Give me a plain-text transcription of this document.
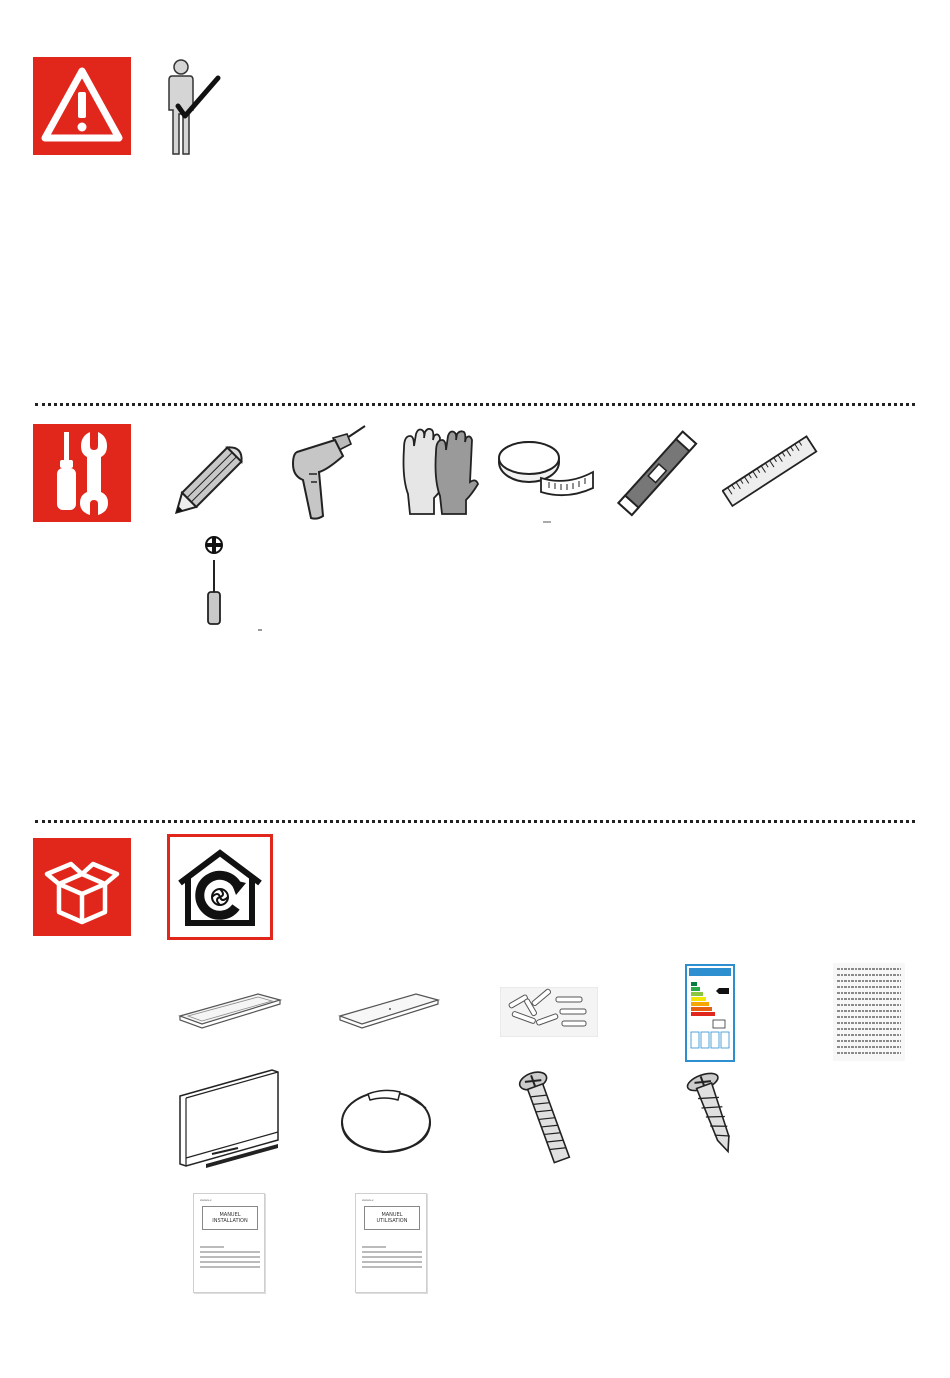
xxxxxx-x
MANUEL
INSTALLATION
xxxxxx-x
MANUEL
UTILISATION
